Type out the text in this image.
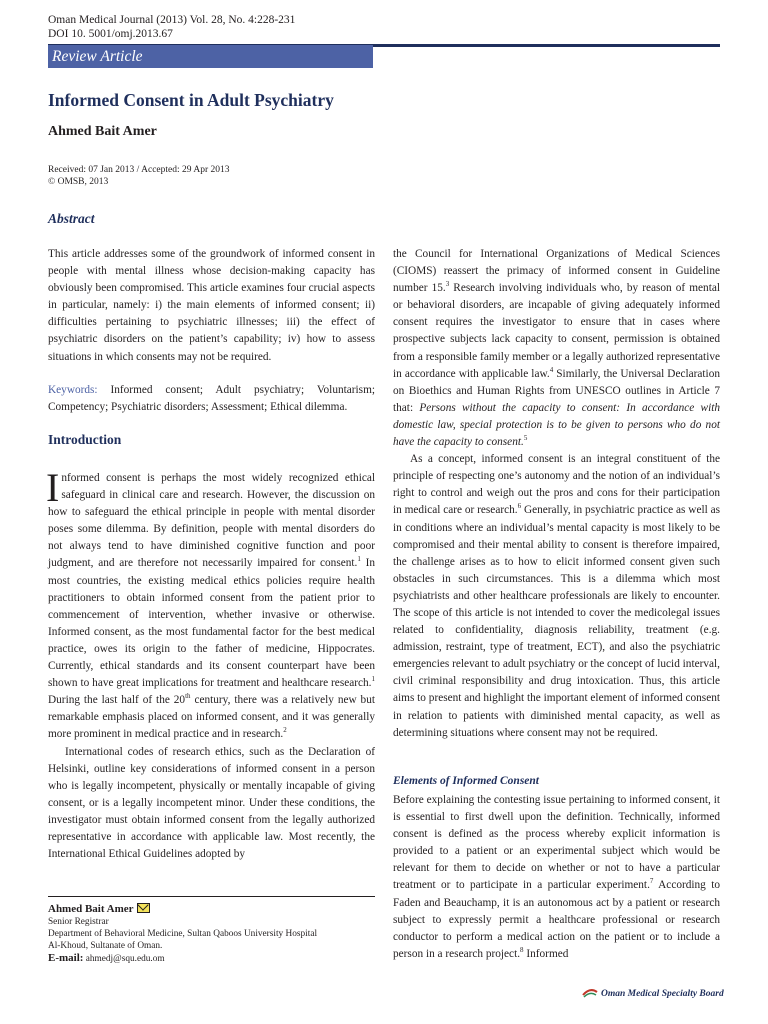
Oman Medical Journal (2013) Vol. 28, No. 4:228-231
DOI 10. 5001/omj.2013.67
Review Article
Informed Consent in Adult Psychiatry
Ahmed Bait Amer
Received: 07 Jan 2013 / Accepted: 29 Apr 2013
© OMSB, 2013
Abstract
This article addresses some of the groundwork of informed consent in people with mental illness whose decision-making capacity has obviously been compromised. This article examines four crucial aspects in particular, namely: i) the main elements of informed consent; ii) difficulties pertaining to psychiatric illnesses; iii) the effect of psychiatric disorders on the patient’s capability; iv) how to assess situations in which consents may not be required.
Keywords: Informed consent; Adult psychiatry; Voluntarism; Competency; Psychiatric disorders; Assessment; Ethical dilemma.
Introduction

Informed consent is perhaps the most widely recognized ethical safeguard in clinical care and research. However, the discussion on how to safeguard the ethical principle in people with mental disorder poses some dilemma. By definition, people with mental disorders do not always tend to have diminished cognitive function and poor judgment, and are therefore not necessarily impaired for consent.$^1$ In most countries, the existing medical ethics policies require health practitioners to obtain informed consent from the patient prior to commencement of intervention, whether invasive or otherwise. Informed consent, as the most fundamental factor for the best medical practice, owes its origin to the father of medicine, Hippocrates. Currently, ethical standards and its consent counterpart have been shown to have great implications for treatment and healthcare research.$^1$ During the last half of the 20th century, there was a relatively new but remarkable emphasis placed on informed consent, and it was generally more prominent in medical practice and in research.$^2$

International codes of research ethics, such as the Declaration of Helsinki, outline key considerations of informed consent in a person who is legally incompetent, physically or mentally incapable of giving consent, or is a legally incompetent minor. Under these conditions, the investigator must obtain informed consent from the legally authorized representative in accordance with applicable law. Most recently, the International Ethical Guidelines adopted by

the Council for International Organizations of Medical Sciences (CIOMS) reassert the primacy of informed consent in Guideline number 15.$^3$ Research involving individuals who, by reason of mental or behavioral disorders, are incapable of giving adequately informed consent requires the investigator to ensure that in cases where prospective subjects lack capacity to consent, permission is obtained from a responsible family member or a legally authorized representative in accordance with applicable law.$^4$ Similarly, the Universal Declaration on Bioethics and Human Rights from UNESCO outlines in Article 7 that: Persons without the capacity to consent: In accordance with domestic law, special protection is to be given to persons who do not have the capacity to consent.$^5$

As a concept, informed consent is an integral constituent of the principle of respecting one’s autonomy and the notion of an individual’s right to control and weigh out the pros and cons for their participation in medical care or research.$^6$ Generally, in psychiatric practice as well as in conditions where an individual’s mental capacity is most likely to be compromised and their mental ability to consent is therefore impaired, the challenge arises as to how to elicit informed consent given such obstacles in such circumstances. This is a dilemma which most psychiatrists and other healthcare professionals are likely to encounter. The scope of this article is not intended to cover the medicolegal issues related to confidentiality, diagnosis reliability, treatment (e.g. admission, restraint, type of treatment, ECT), and also the psychiatric emergencies relevant to adult psychiatry or the concept of lucid interval, civil criminal responsibility and drug intoxication. Thus, this article aims to present and highlight the important element of informed consent in relation to patients with diminished mental capacity, as well as determining situations where consent may not be required.

Elements of Informed Consent

Before explaining the contesting issue pertaining to informed consent, it is essential to first dwell upon the definition. Technically, informed consent is defined as the process whereby explicit information is provided to a patient or an experimental subject which would be relevant for them to decide on whether or not to have a particular treatment or to participate in a particular experiment.$^7$ According to Faden and Beauchamp, it is an autonomous act by a patient or research subject to expressly permit a healthcare professional or research conductor to perform a medical action on the patient or to include a person in a research project.$^8$ Informed

Ahmed Bait Amer
Senior Registrar
Department of Behavioral Medicine, Sultan Qaboos University Hospital
Al-Khoud, Sultanate of Oman.
E-mail: ahmedj@squ.edu.om
Oman Medical Specialty Board
